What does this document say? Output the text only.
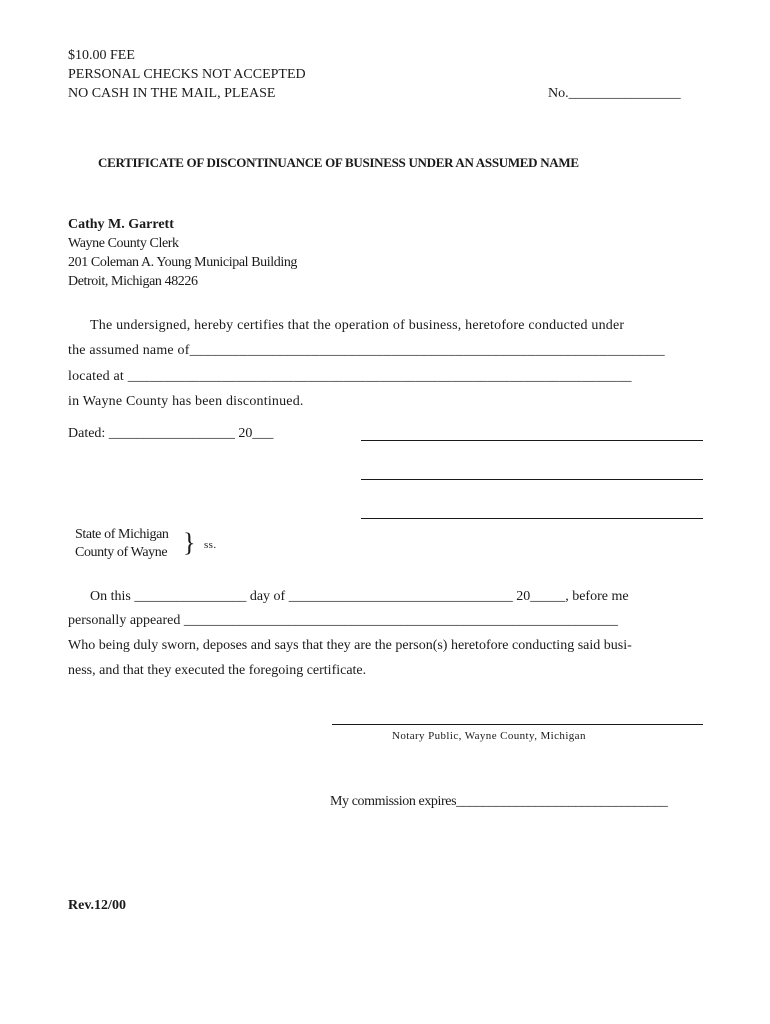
$10.00 FEE
PERSONAL CHECKS NOT ACCEPTED
NO CASH IN THE MAIL, PLEASE	No.________________
CERTIFICATE OF DISCONTINUANCE OF BUSINESS UNDER AN ASSUMED NAME
Cathy M. Garrett
Wayne County Clerk
201 Coleman A. Young Municipal Building
Detroit, Michigan 48226
The undersigned, hereby certifies that the operation of business, heretofore conducted under
the assumed name of__________________________________________________________________
located at ______________________________________________________________________
in Wayne County has been discontinued.
Dated: __________________ 20___
State of Michigan
County of Wayne } ss.
On this ________________ day of ________________________________ 20_____, before me
personally appeared ______________________________________________________________
Who being duly sworn, deposes and says that they are the person(s) heretofore conducting said busi-
ness, and that they executed the foregoing certificate.
Notary Public, Wayne County, Michigan
My commission expires________________________________
Rev.12/00
